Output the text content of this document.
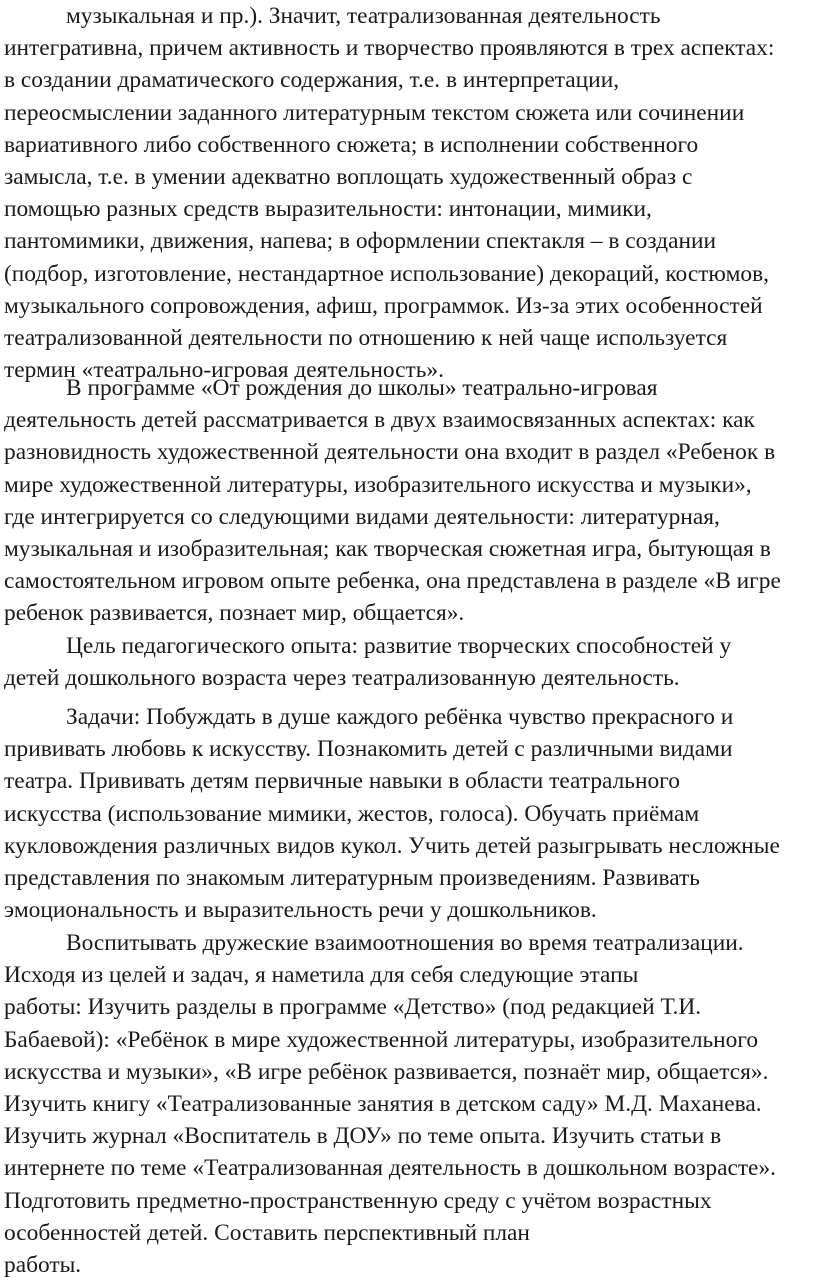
музыкальная и пр.). Значит, театрализованная деятельность
интегративна, причем активность и творчество проявляются в трех аспектах:
в создании драматического содержания, т.е. в интерпретации,
переосмыслении заданного литературным текстом сюжета или сочинении
вариативного либо собственного сюжета; в исполнении собственного
замысла, т.е. в умении адекватно воплощать художественный образ с
помощью разных средств выразительности: интонации, мимики,
пантомимики, движения, напева; в оформлении спектакля – в создании
(подбор, изготовление, нестандартное использование) декораций, костюмов,
музыкального сопровождения, афиш, программок. Из-за этих особенностей
театрализованной деятельности по отношению к ней чаще используется
термин «театрально-игровая деятельность».
В программе «От рождения до школы» театрально-игровая
деятельность детей рассматривается в двух взаимосвязанных аспектах: как
разновидность художественной деятельности она входит в раздел «Ребенок в
мире художественной литературы, изобразительного искусства и музыки»,
где интегрируется со следующими видами деятельности: литературная,
музыкальная и изобразительная; как творческая сюжетная игра, бытующая в
самостоятельном игровом опыте ребенка, она представлена в разделе «В игре
ребенок развивается, познает мир, общается».
Цель педагогического опыта: развитие творческих способностей у
детей дошкольного возраста через театрализованную деятельность.
Задачи: Побуждать в душе каждого ребёнка чувство прекрасного и
прививать любовь к искусству. Познакомить детей с различными видами
театра. Прививать детям первичные навыки в области театрального
искусства (использование мимики, жестов, голоса). Обучать приёмам
кукловождения различных видов кукол. Учить детей разыгрывать несложные
представления по знакомым литературным произведениям. Развивать
эмоциональность и выразительность речи у дошкольников.
Воспитывать дружеские взаимоотношения во время театрализации.
Исходя из целей и задач, я наметила для себя следующие этапы
работы: Изучить разделы в программе «Детство» (под редакцией Т.И.
Бабаевой): «Ребёнок в мире художественной литературы, изобразительного
искусства и музыки», «В игре ребёнок развивается, познаёт мир, общается».
Изучить книгу «Театрализованные занятия в детском саду» М.Д. Маханева.
Изучить журнал «Воспитатель в ДОУ» по теме опыта. Изучить статьи в
интернете по теме «Театрализованная деятельность в дошкольном возрасте».
Подготовить предметно-пространственную среду с учётом возрастных
особенностей детей. Составить перспективный план
работы.
